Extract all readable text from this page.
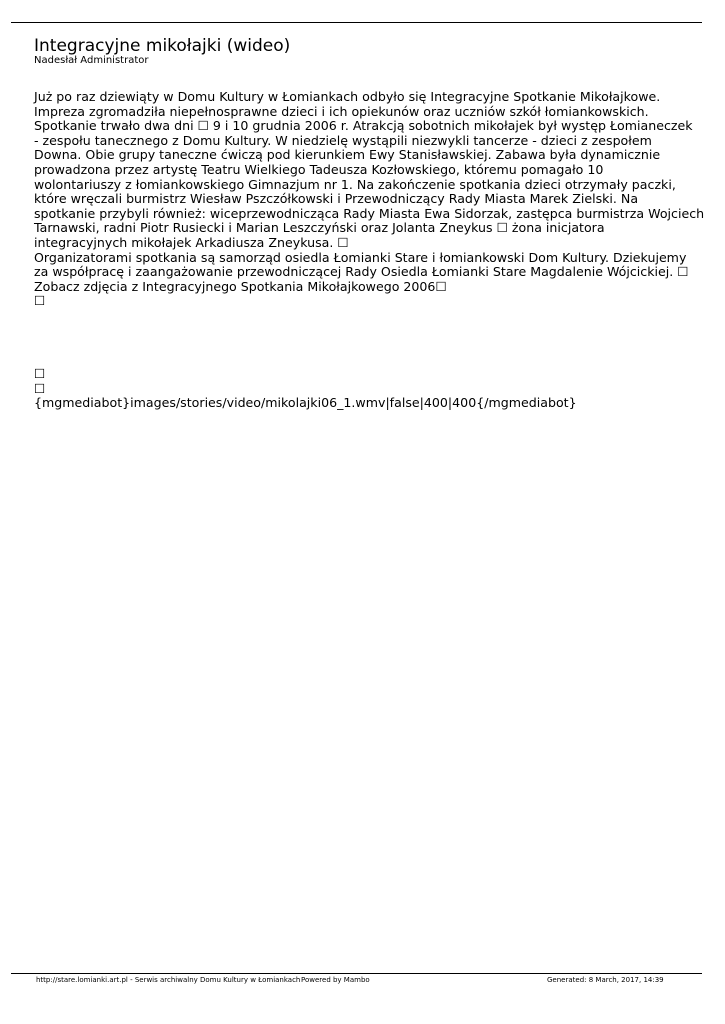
Integracyjne mikołajki (wideo)
Nadesłał Administrator
Już po raz dziewiąty w Domu Kultury w Łomiankach odbyło się Integracyjne Spotkanie Mikołajkowe.
Impreza zgromadziła niepełnosprawne dzieci i ich opiekunów oraz uczniów szkół łomiankowskich.
Spotkanie trwało dwa dni ☐ 9 i 10 grudnia 2006 r. Atrakcją sobotnich mikołajek był występ Łomianeczek
- zespołu tanecznego z Domu Kultury. W niedzielę wystąpili niezwykli tancerze - dzieci z zespołem
Downa. Obie grupy taneczne ćwiczą pod kierunkiem Ewy Stanisławskiej. Zabawa była dynamicznie
prowadzona przez artystę Teatru Wielkiego Tadeusza Kozłowskiego, któremu pomagało 10
wolontariuszy z łomiankowskiego Gimnazjum nr 1. Na zakończenie spotkania dzieci otrzymały paczki,
które wręczali burmistrz Wiesław Pszczółkowski i Przewodniczący Rady Miasta Marek Zielski. Na
spotkanie przybyli również: wiceprzewodnicząca Rady Miasta Ewa Sidorzak, zastępca burmistrza Wojciech
Tarnawski, radni Piotr Rusiecki i Marian Leszczyński oraz Jolanta Zneykus ☐ żona inicjatora
integracyjnych mikołajek Arkadiusza Zneykusa. ☐
Organizatorami spotkania są samorząd osiedla Łomianki Stare i łomiankowski Dom Kultury. Dziekujemy
za współpracę i zaangażowanie przewodniczącej Rady Osiedla Łomianki Stare Magdalenie Wójcickiej. ☐
Zobacz zdjęcia z Integracyjnego Spotkania Mikołajkowego 2006☐
☐
☐
☐
{mgmediabot}images/stories/video/mikolajki06_1.wmv|false|400|400{/mgmediabot}
http://stare.lomianki.art.pl - Serwis archiwalny Domu Kultury w Łomiankach Powered by Mambo	Generated: 8 March, 2017, 14:39
